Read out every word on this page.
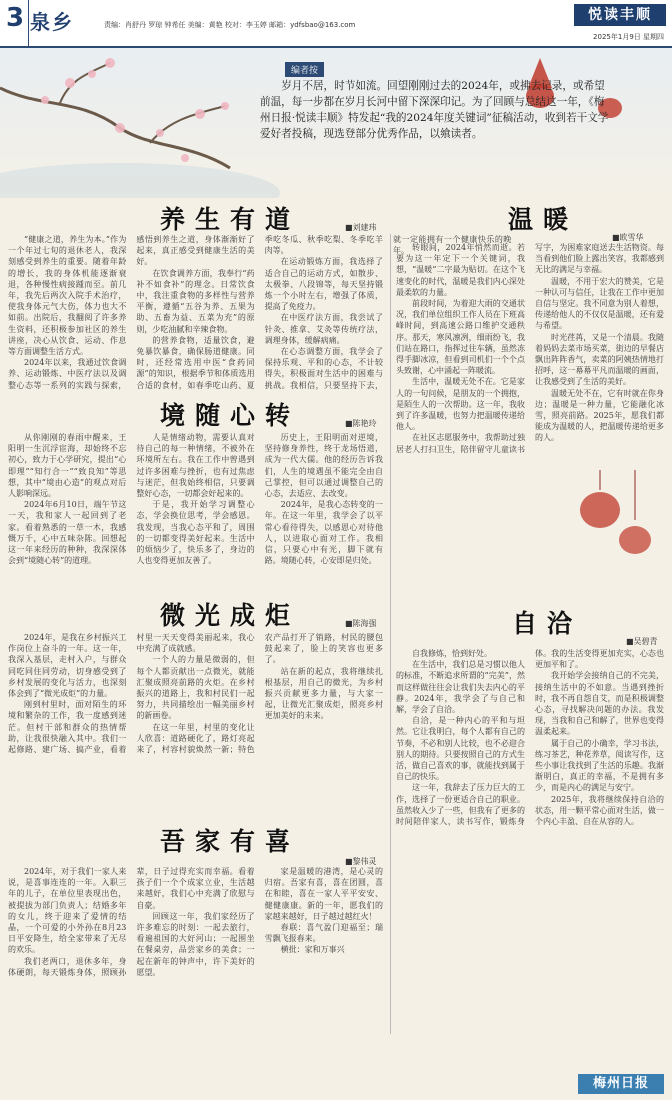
3 泉乡	责编：肖舒丹 罗琼 钟希任 美编：黄艳 校对：李玉婷 邮箱：ydfsbao@163.com
悦读丰顺
2025年1月9日 星期四
编者按
岁月不居，时节如流。回望刚刚过去的2024年，或拂去记录，或希望前温，每一步都在岁月长河中留下深深印记。为了回顾与总结这一年，《梅州日报·悦读丰顺》特发起“我的2024年度关键词”征稿活动，收到若干文学爱好者投稿，现选登部分优秀作品，以飨读者。
养生有道	■刘建玮

“健康之道，养生为本。”作为一个年过七旬的退休老人，我深刻感受到养生的重要。随着年龄的增长，我的身体机能逐渐衰退，各种慢性病接踵而至。前几年，我先后两次入院手术治疗，使我身体元气大伤，体力也大不如前。出院后，我翻阅了许多养生资料，还积极参加社区的养生讲座，决心从饮食、运动、作息等方面调整生活方式。

2024年以来，我通过饮食调养、运动锻炼、中医疗法以及调整心态等一系列的实践与探索，感悟到养生之道，身体渐渐好了起来，真正感受到健康生活的美好。

在饮食调养方面，我奉行“药补不如食补”的理念。日常饮食中，我注重食物的多样性与营养平衡，遵循“五谷为养、五果为助、五畜为益、五菜为充”的原则，少吃油腻和辛辣食物。

的营养食物，适量饮食，避免暴饮暴食，确保肠道健康。同时，还经常选用中医“食药同源”的知识，根据季节和体质选用合适的食材，如春季吃山药、夏季吃冬瓜、秋季吃梨、冬季吃羊肉等。

在运动锻炼方面，我选择了适合自己的运动方式，如散步、太极拳、八段锦等，每天坚持锻炼一个小时左右，增强了体质，提高了免疫力。

在中医疗法方面，我尝试了针灸、推拿、艾灸等传统疗法，调理身体，缓解病痛。

在心态调整方面，我学会了保持乐观、平和的心态，不计较得失，积极面对生活中的困难与挑战。我相信，只要坚持下去，就一定能拥有一个健康快乐的晚年。

境随心转	■陈艳玲

从你刚刚的春雨中醒来，王阳明一生沉浮宦海，却始终不忘初心，致力于心学研究，提出“心即理”“知行合一”“致良知”等思想，其中“境由心造”的观点对后人影响深远。

2024年6月10日，端午节这一天，我和家人一起回到了老家。看着熟悉的一草一木，我感慨万千，心中五味杂陈。回想起这一年来经历的种种，我深深体会到“境随心转”的道理。

人是情绪动物，需要认真对待自己的每一种情绪，不被外在环境所左右。我在工作中曾遇到过许多困难与挫折，也有过焦虑与迷茫，但我始终相信，只要调整好心态，一切都会好起来的。

于是，我开始学习调整心态，学会换位思考，学会感恩。我发现，当我心态平和了，周围的一切都变得美好起来。生活中的烦恼少了，快乐多了，身边的人也变得更加友善了。

历史上，王阳明面对逆境，坚持修身养性，终于龙场悟道，成为一代大儒。他的经历告诉我们，人生的境遇虽不能完全由自己掌控，但可以通过调整自己的心态，去适应、去改变。

2024年，是我心态转变的一年。在这一年里，我学会了以平常心看待得失，以感恩心对待他人，以进取心面对工作。我相信，只要心中有光，脚下就有路。境随心转，心安即是归处。

微光成炬	■陈海强

2024年，是我在乡村振兴工作岗位上奋斗的一年。这一年，我深入基层，走村入户，与群众同吃同住同劳动，切身感受到了乡村发展的变化与活力，也深刻体会到了“微光成炬”的力量。

刚到村里时，面对陌生的环境和繁杂的工作，我一度感到迷茫。但村干部和群众的热情帮助，让我很快融入其中。我们一起修路、建广场、搞产业，看着村里一天天变得美丽起来，我心中充满了成就感。

一个人的力量是微弱的，但每个人都贡献出一点微光，就能汇聚成照亮前路的火炬。在乡村振兴的道路上，我和村民们一起努力，共同描绘出一幅美丽乡村的新画卷。

在这一年里，村里的变化让人欣喜：道路硬化了，路灯亮起来了，村容村貌焕然一新；特色农产品打开了销路，村民的腰包鼓起来了，脸上的笑容也更多了。

站在新的起点，我将继续扎根基层，用自己的微光，为乡村振兴贡献更多力量，与大家一起，让微光汇聚成炬，照亮乡村更加美好的未来。

吾家有喜
■黎伟灵

2024年，对于我们一家人来说，是喜事连连的一年。入职三年的儿子，在单位里表现出色，被提拔为部门负责人；结婚多年的女儿，终于迎来了爱情的结晶，一个可爱的小外孙在8月23日平安降生，给全家带来了无尽的欢乐。

我们老两口，退休多年，身体硬朗，每天锻炼身体，照顾孙辈，日子过得充实而幸福。看着孩子们一个个成家立业，生活越来越好，我们心中充满了欣慰与自豪。

回顾这一年，我们家经历了许多难忘的时刻：一起去旅行，看遍祖国的大好河山；一起围坐在餐桌旁，品尝家乡的美食；一起在新年的钟声中，许下美好的愿望。

家是温暖的港湾，是心灵的归宿。吾家有喜，喜在团圆，喜在和睦，喜在一家人平平安安、健健康康。新的一年，愿我们的家越来越好，日子越过越红火！

春联：喜气盈门迎福至；瑞雪飘飞报春来。

横批：家和万事兴

温暖
■欧雪华

转眼间，2024年悄然而逝。若要为这一年定下一个关键词，我想，“温暖”二字最为贴切。在这个飞速变化的时代，温暖是我们内心深处最柔软的力量。

前段时间，为着迎大雨的交通状况，我们单位组织工作人员在下班高峰时间，到高速公路口维护交通秩序。那天，寒风凛冽，细雨纷飞，我们站在路口，指挥过往车辆，虽然冻得手脚冰凉，但看到司机们一个个点头致谢，心中涌起一阵暖流。

生活中，温暖无处不在。它是家人的一句问候，是朋友的一个拥抱，是陌生人的一次帮助。这一年，我收到了许多温暖，也努力把温暖传递给他人。

在社区志愿服务中，我帮助过独居老人打扫卫生，陪伴留守儿童读书写字，为困难家庭送去生活物资。每当看到他们脸上露出笑容，我都感到无比的满足与幸福。

温暖，不用于宏大的赞美，它是一种认可与信任，让我在工作中更加自信与坚定。我不同意为别人着想，传递给他人的不仅仅是温暖，还有爱与希望。

时光荏苒，又是一个清晨。我随着妈妈去菜市场买菜，街边的早餐店飘出阵阵香气，卖菜的阿姨热情地打招呼，这一幕幕平凡而温暖的画面，让我感受到了生活的美好。

温暖无处不在，它有时就在你身边；温暖是一种力量，它能融化冰雪，照亮前路。2025年，愿我们都能成为温暖的人，把温暖传递给更多的人。

自洽
■吴碧青

自我修炼，恰到好处。

在生活中，我们总是习惯以他人的标准，不断追求所谓的“完美”，然而这样做往往会让我们失去内心的平静。2024年，我学会了与自己和解，学会了自洽。

自洽，是一种内心的平和与坦然。它让我明白，每个人都有自己的节奏，不必和别人比较，也不必迎合别人的期待。只要按照自己的方式生活，做自己喜欢的事，就能找到属于自己的快乐。

这一年，我辞去了压力巨大的工作，选择了一份更适合自己的职业。虽然收入少了一些，但我有了更多的时间陪伴家人，读书写作，锻炼身体。我的生活变得更加充实，心态也更加平和了。

我开始学会接纳自己的不完美，接纳生活中的不如意。当遇到挫折时，我不再自怨自艾，而是积极调整心态，寻找解决问题的办法。我发现，当我和自己和解了，世界也变得温柔起来。

属于自己的小确幸，学习书法，练习茶艺，种花养草，阅读写作，这些小事让我找到了生活的乐趣。我渐渐明白，真正的幸福，不是拥有多少，而是内心的满足与安宁。

2025年，我将继续保持自洽的状态，用一颗平常心面对生活，做一个内心丰盈、自在从容的人。

梅州日报
